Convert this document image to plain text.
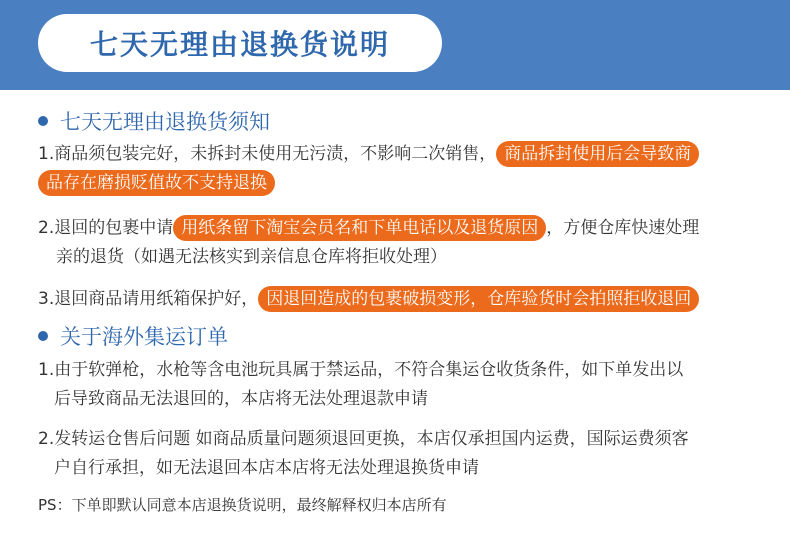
七天无理由退换货说明
七天无理由退换货须知
1.商品须包装完好，未拆封未使用无污渍，不影响二次销售， 商品拆封使用后会导致商
品存在磨损贬值故不支持退换
2.退回的包裹中请 用纸条留下淘宝会员名和下单电话以及退货原因 ，方便仓库快速处理
亲的退货（如遇无法核实到亲信息仓库将拒收处理）
3.退回商品请用纸箱保护好， 因退回造成的包裹破损变形，仓库验货时会拍照拒收退回
关于海外集运订单
1.由于软弹枪，水枪等含电池玩具属于禁运品，不符合集运仓收货条件，如下单发出以
后导致商品无法退回的，本店将无法处理退款申请
2.发转运仓售后问题 如商品质量问题须退回更换，本店仅承担国内运费，国际运费须客
户自行承担，如无法退回本店本店将无法处理退换货申请
PS：下单即默认同意本店退换货说明，最终解释权归本店所有
